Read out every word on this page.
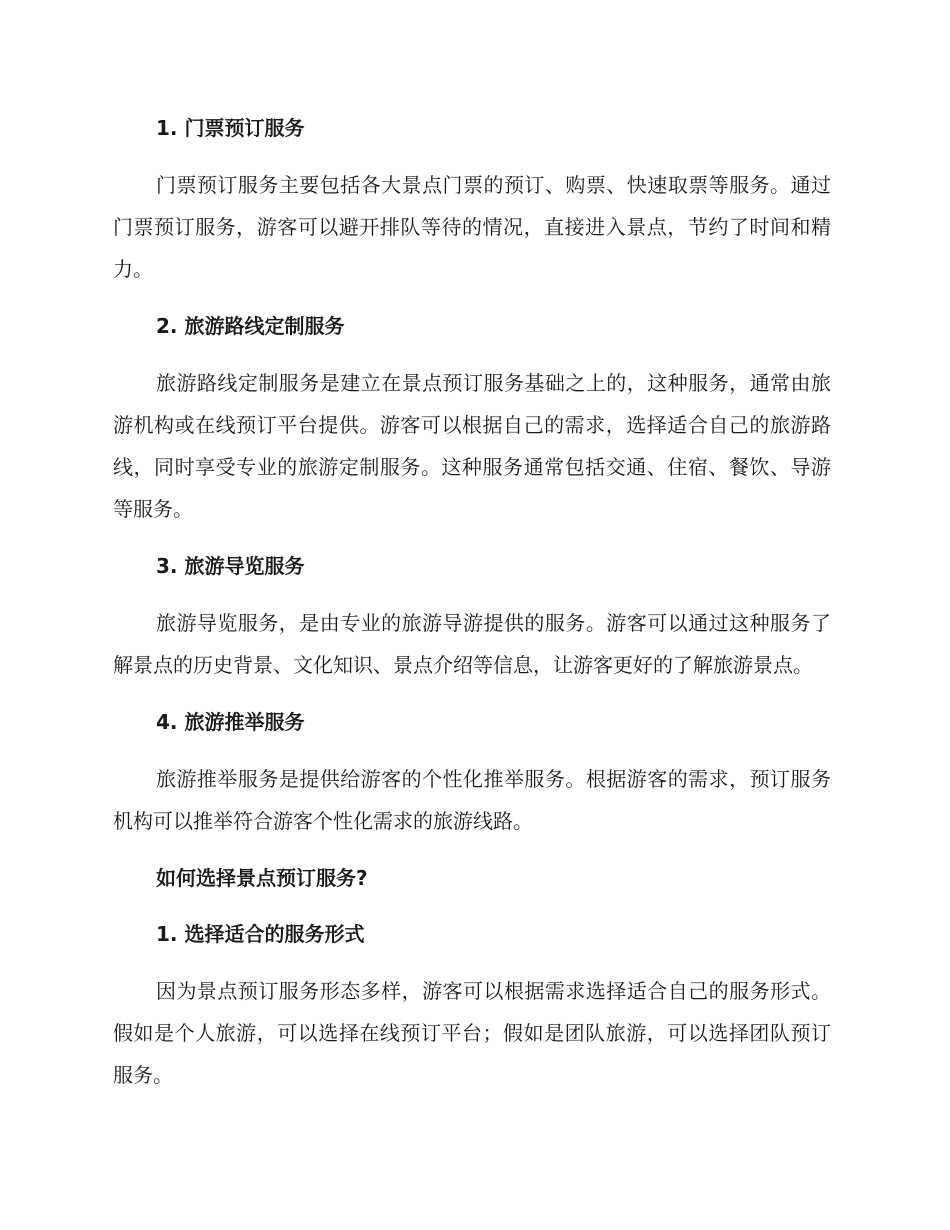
1. 门票预订服务

门票预订服务主要包括各大景点门票的预订、购票、快速取票等服务。通过门票预订服务，游客可以避开排队等待的情况，直接进入景点，节约了时间和精力。

2. 旅游路线定制服务

旅游路线定制服务是建立在景点预订服务基础之上的，这种服务，通常由旅游机构或在线预订平台提供。游客可以根据自己的需求，选择适合自己的旅游路线，同时享受专业的旅游定制服务。这种服务通常包括交通、住宿、餐饮、导游等服务。

3. 旅游导览服务

旅游导览服务，是由专业的旅游导游提供的服务。游客可以通过这种服务了解景点的历史背景、文化知识、景点介绍等信息，让游客更好的了解旅游景点。

4. 旅游推举服务

旅游推举服务是提供给游客的个性化推举服务。根据游客的需求，预订服务机构可以推举符合游客个性化需求的旅游线路。

如何选择景点预订服务?
1. 选择适合的服务形式

因为景点预订服务形态多样，游客可以根据需求选择适合自己的服务形式。假如是个人旅游，可以选择在线预订平台；假如是团队旅游，可以选择团队预订服务。
